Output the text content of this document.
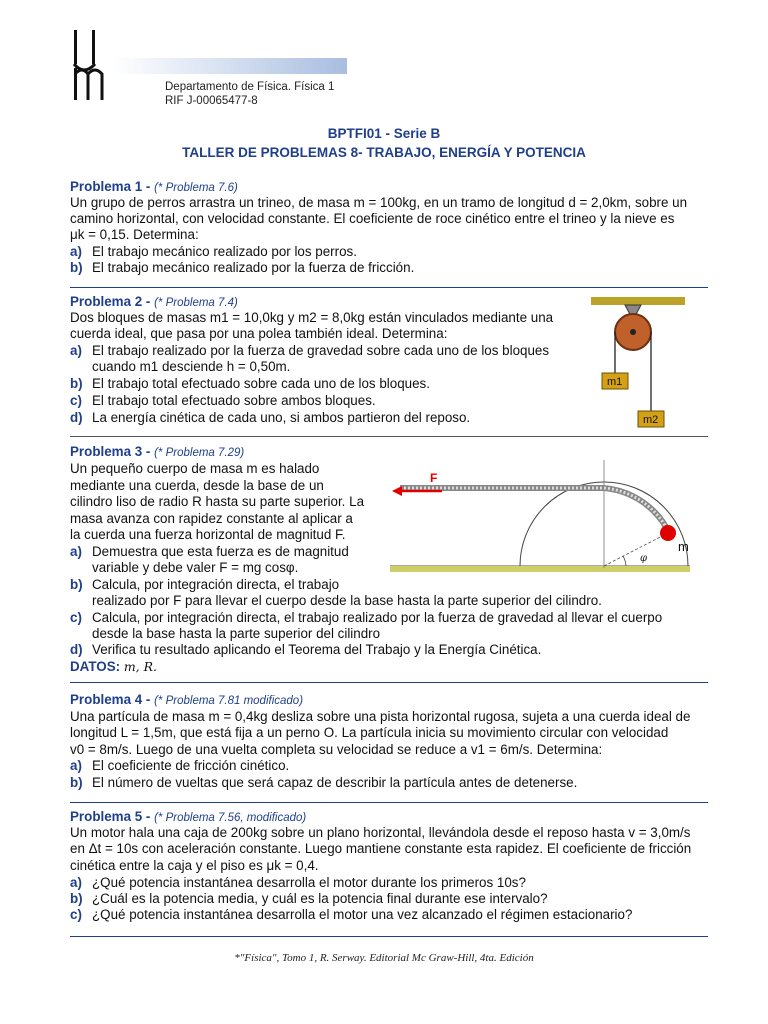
Departamento de Física. Física 1
RIF J-00065477-8
BPTFI01 - Serie B
TALLER DE PROBLEMAS 8- TRABAJO, ENERGÍA Y POTENCIA
Problema 1 - (* Problema 7.6)
Un grupo de perros arrastra un trineo, de masa m = 100kg, en un tramo de longitud d = 2,0km, sobre un
camino horizontal, con velocidad constante. El coeficiente de roce cinético entre el trineo y la nieve es
μk = 0,15. Determina:
a) El trabajo mecánico realizado por los perros.
b) El trabajo mecánico realizado por la fuerza de fricción.
Problema 2 - (* Problema 7.4)
Dos bloques de masas m1 = 10,0kg y m2 = 8,0kg están vinculados mediante una
cuerda ideal, que pasa por una polea también ideal. Determina:
a) El trabajo realizado por la fuerza de gravedad sobre cada uno de los bloques
cuando m1 desciende h = 0,50m.
b) El trabajo total efectuado sobre cada uno de los bloques.
c) El trabajo total efectuado sobre ambos bloques.
d) La energía cinética de cada uno, si ambos partieron del reposo.
m1
m2
Problema 3 - (* Problema 7.29)
Un pequeño cuerpo de masa m es halado
mediante una cuerda, desde la base de un
cilindro liso de radio R hasta su parte superior. La
masa avanza con rapidez constante al aplicar a
la cuerda una fuerza horizontal de magnitud F.
a) Demuestra que esta fuerza es de magnitud
variable y debe valer F = mg cosφ.
b) Calcula, por integración directa, el trabajo
realizado por F para llevar el cuerpo desde la base hasta la parte superior del cilindro.
c) Calcula, por integración directa, el trabajo realizado por la fuerza de gravedad al llevar el cuerpo
desde la base hasta la parte superior del cilindro
d) Verifica tu resultado aplicando el Teorema del Trabajo y la Energía Cinética.
DATOS: m, R.
φ
F
m
Problema 4 - (* Problema 7.81 modificado)
Una partícula de masa m = 0,4kg desliza sobre una pista horizontal rugosa, sujeta a una cuerda ideal de
longitud L = 1,5m, que está fija a un perno O. La partícula inicia su movimiento circular con velocidad
v0 = 8m/s. Luego de una vuelta completa su velocidad se reduce a v1 = 6m/s. Determina:
a) El coeficiente de fricción cinético.
b) El número de vueltas que será capaz de describir la partícula antes de detenerse.
Problema 5 - (* Problema 7.56, modificado)
Un motor hala una caja de 200kg sobre un plano horizontal, llevándola desde el reposo hasta v = 3,0m/s
en Δt = 10s con aceleración constante. Luego mantiene constante esta rapidez. El coeficiente de fricción
cinética entre la caja y el piso es μk = 0,4.
a) ¿Qué potencia instantánea desarrolla el motor durante los primeros 10s?
b) ¿Cuál es la potencia media, y cuál es la potencia final durante ese intervalo?
c) ¿Qué potencia instantánea desarrolla el motor una vez alcanzado el régimen estacionario?
*"Física", Tomo 1, R. Serway. Editorial Mc Graw-Hill, 4ta. Edición
